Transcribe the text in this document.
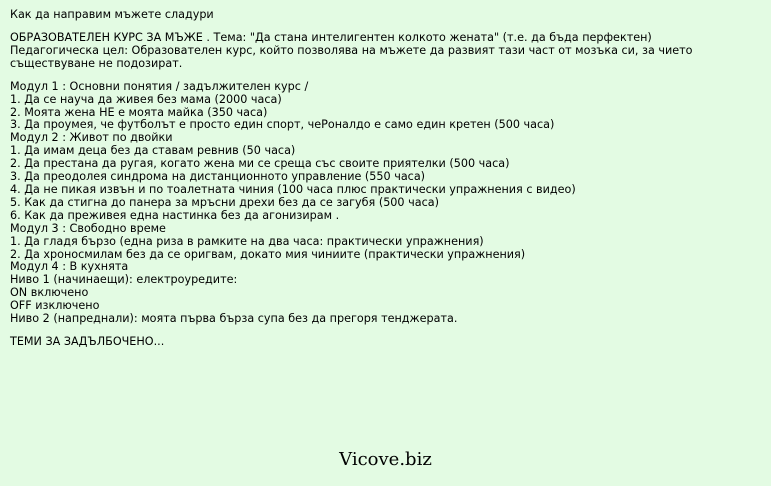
Как да направим мъжете сладури

ОБРАЗОВАТЕЛЕН КУРС ЗА МЪЖЕ . Тема: "Да стана интелигентен колкото жената" (т.е. да бъда перфектен)

Педагогическа цел: Образователен курс, който позволява на мъжете да развият тази част от мозъка си, за чието съществуване не подозират.

Модул 1 : Основни понятия / задължителен курс /
1. Да се науча да живея без мама (2000 часа)
2. Моята жена НЕ е моята майка (350 часа)
3. Да проумея, че футболът е просто един спорт, чеРоналдо е само един кретен (500 часа)
Модул 2 : Живот по двойки
1. Да имам деца без да ставам ревнив (50 часа)
2. Да престана да ругая, когато жена ми се среща със своите приятелки (500 часа)
3. Да преодолея синдрома на дистанционното управление (550 часа)
4. Да не пикая извън и по тоалетната чиния (100 часа плюс практически упражнения с видео)
5. Как да стигна до панера за мръсни дрехи без да се загубя (500 часа)
6. Как да преживея една настинка без да агонизирам .
Модул 3 : Свободно време
1. Да гладя бързо (една риза в рамките на два часа: практически упражнения)
2. Да хроносмилам без да се оригвам, докато мия чиниите (практически упражнения)
Модул 4 : В кухнята
Ниво 1 (начинаещи): електроуредите:
ON включено
OFF изключено
Ниво 2 (напреднали): моята първа бърза супа без да прегоря тенджерата.
ТЕМИ ЗА ЗАДЪЛБОЧЕНО...
Vicove.biz
